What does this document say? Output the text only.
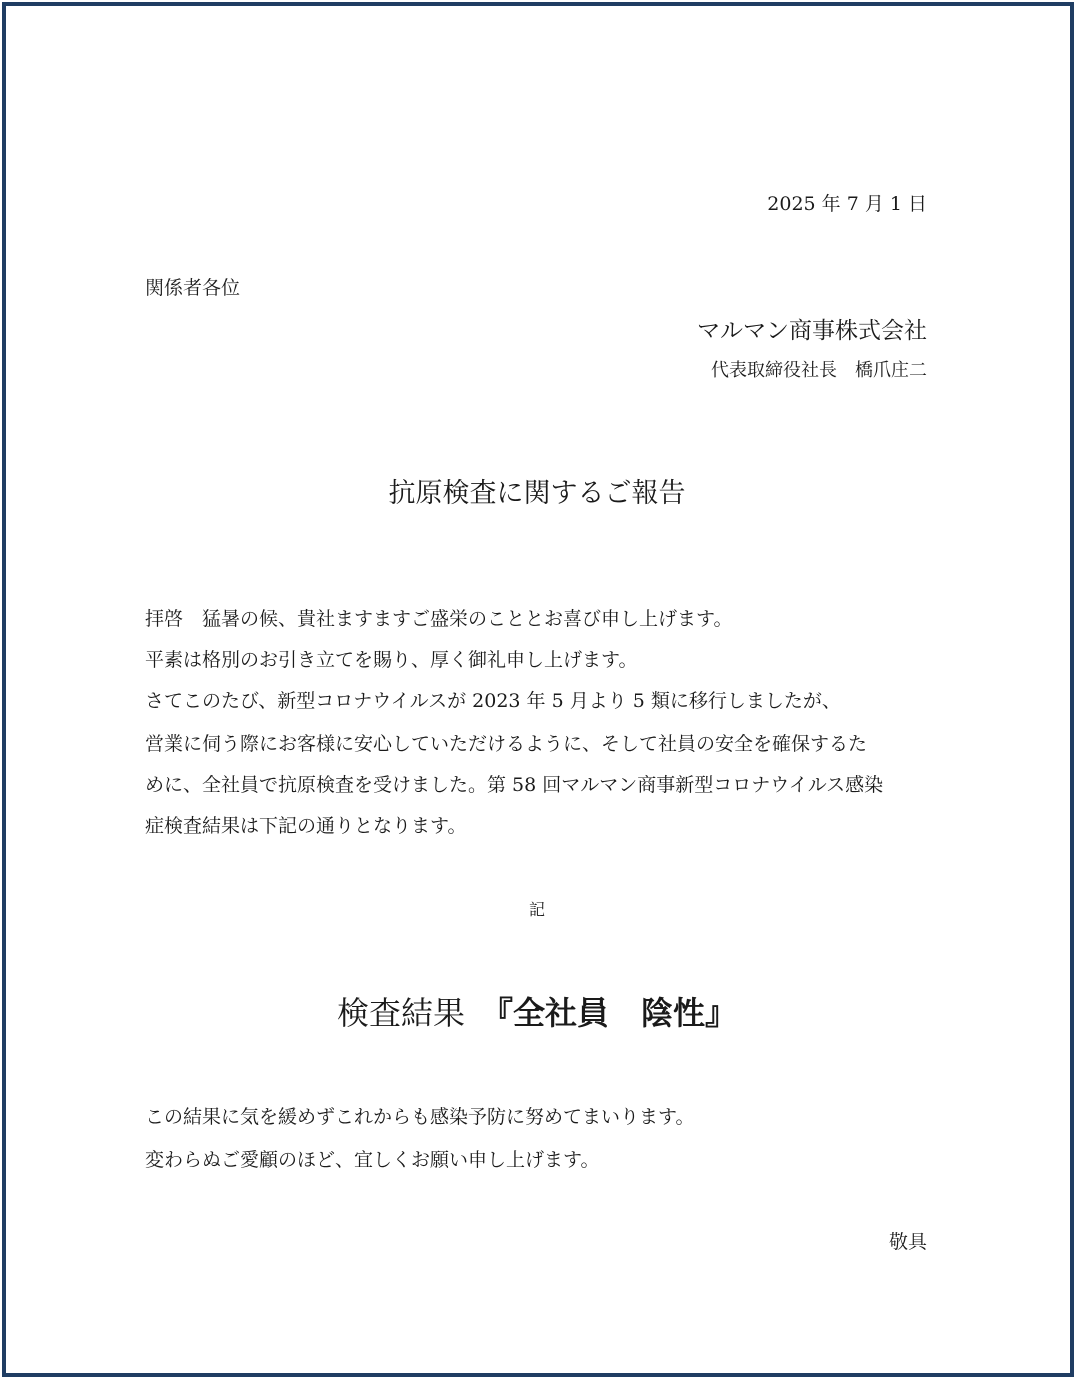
2025 年 7 月 1 日
関係者各位
マルマン商事株式会社
代表取締役社長　橋爪庄二
抗原検査に関するご報告
拝啓　猛暑の候、貴社ますますご盛栄のこととお喜び申し上げます。
平素は格別のお引き立てを賜り、厚く御礼申し上げます。
さてこのたび、新型コロナウイルスが 2023 年 5 月より 5 類に移行しましたが、
営業に伺う際にお客様に安心していただけるように、そして社員の安全を確保するた
めに、全社員で抗原検査を受けました。第 58 回マルマン商事新型コロナウイルス感染
症検査結果は下記の通りとなります。
記
検査結果　『全社員　陰性』
この結果に気を緩めずこれからも感染予防に努めてまいります。
変わらぬご愛顧のほど、宜しくお願い申し上げます。
敬具
